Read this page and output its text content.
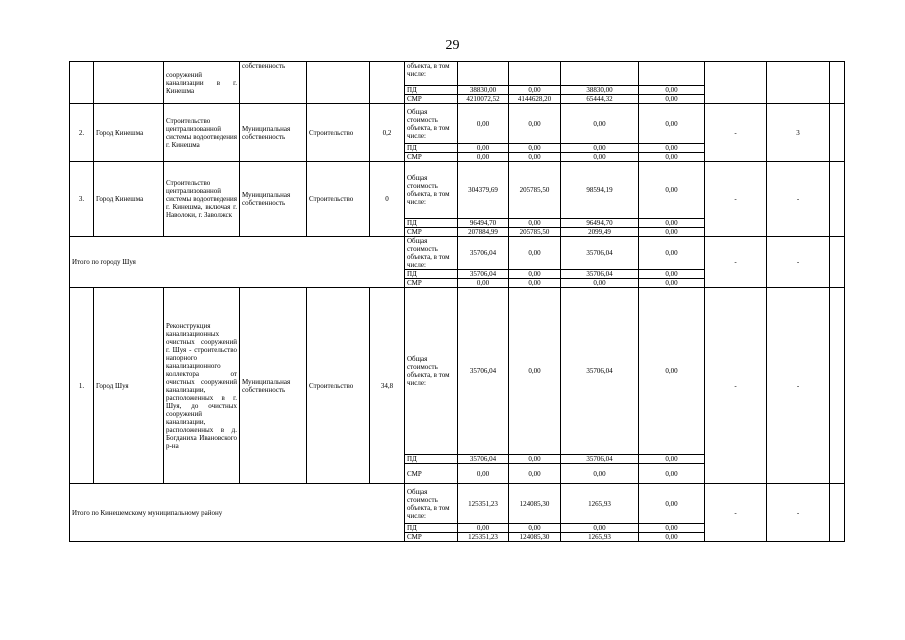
29
		сооружений канализации в г. Кинешма	собственность			объекта, в том числе:							
						ПД	38830,00	0,00	38830,00	0,00			
						СМР	4210072,52	4144628,20	65444,32	0,00			
2.	Город Кинешма	Строительство централизованной системы водоотведения г. Кинешма	Муниципальная собственность	Строительство	0,2	Общая стоимость объекта, в том числе:	0,00	0,00	0,00	0,00	-	3	
						ПД	0,00	0,00	0,00	0,00			
						СМР	0,00	0,00	0,00	0,00			
3.	Город Кинешма	Строительство централизованной системы водоотведения г. Кинешма, включая г. Наволоки, г. Заволжск	Муниципальная собственность	Строительство	0	Общая стоимость объекта, в том числе:	304379,69	205785,50	98594,19	0,00	-	-	
						ПД	96494,70	0,00	96494,70	0,00			
						СМР	207884,99	205785,50	2099,49	0,00			
Итого по городу Шуя						Общая стоимость объекта, в том числе:	35706,04	0,00	35706,04	0,00	-	-	
						ПД	35706,04	0,00	35706,04	0,00			
						СМР	0,00	0,00	0,00	0,00			
1.	Город Шуя	Реконструкция канализационных очистных сооружений г. Шуя - строительство напорного канализационного коллектора от очистных сооружений канализации, расположенных в г. Шуя, до очистных сооружений канализации, расположенных в д. Богданиха Ивановского р-на	Муниципальная собственность	Строительство	34,8	Общая стоимость объекта, в том числе:	35706,04	0,00	35706,04	0,00	-	-	
						ПД	35706,04	0,00	35706,04	0,00			
						СМР	0,00	0,00	0,00	0,00			
Итого по Кинешемскому муниципальному району						Общая стоимость объекта, в том числе:	125351,23	124085,30	1265,93	0,00	-	-	
						ПД	0,00	0,00	0,00	0,00			
						СМР	125351,23	124085,30	1265,93	0,00			
